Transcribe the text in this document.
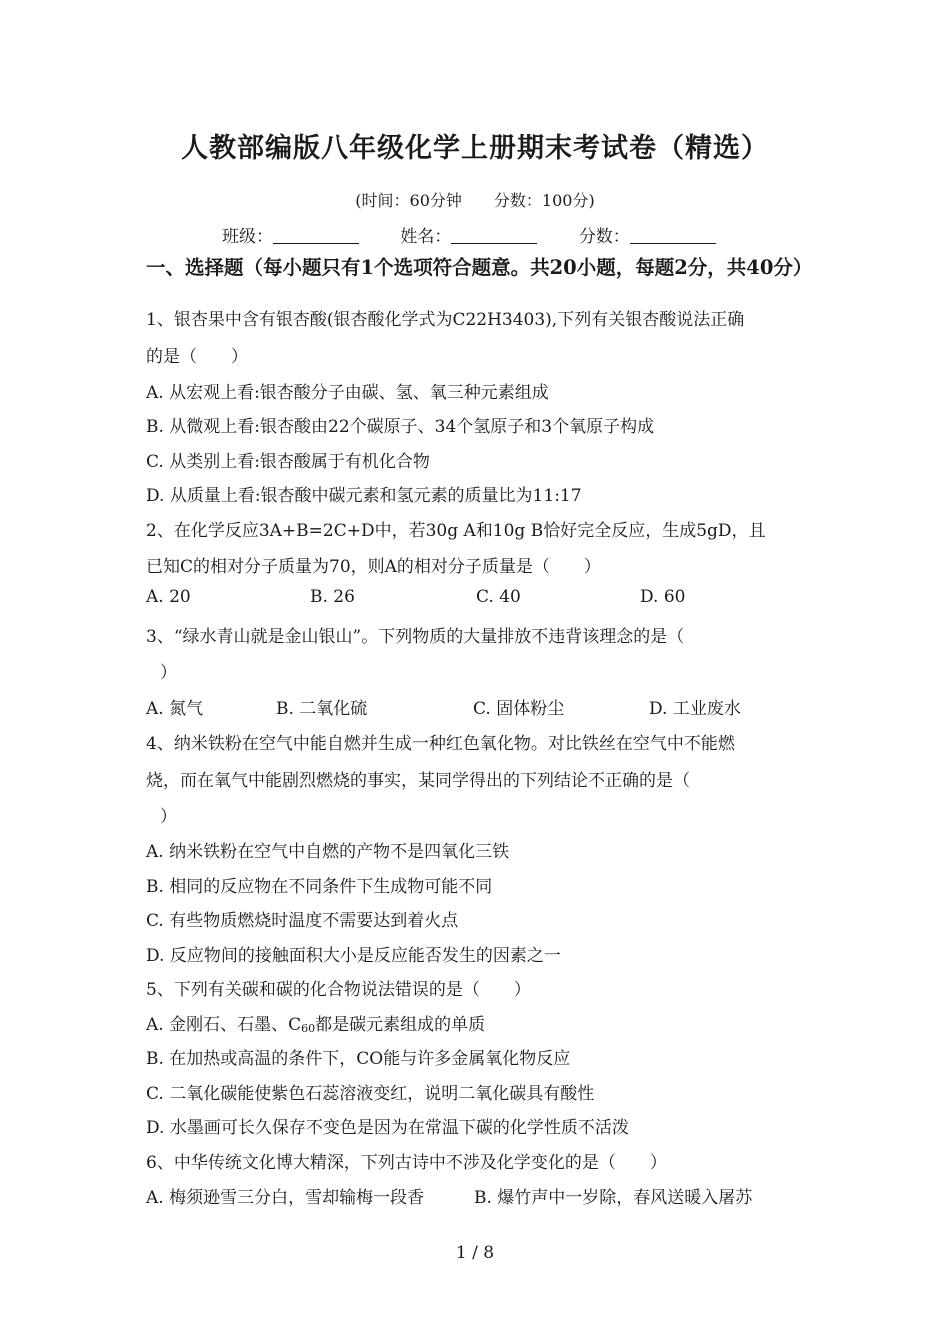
人教部编版八年级化学上册期末考试卷（精选）
(时间：60分钟 分数：100分)
班级：	姓名：	分数：
一、选择题（每小题只有1个选项符合题意。共20小题，每题2分，共40分）
1、银杏果中含有银杏酸(银杏酸化学式为C22H3403),下列有关银杏酸说法正确
的是（　　）
A. 从宏观上看:银杏酸分子由碳、氢、氧三种元素组成
B. 从微观上看:银杏酸由22个碳原子、34个氢原子和3个氧原子构成
C. 从类别上看:银杏酸属于有机化合物
D. 从质量上看:银杏酸中碳元素和氢元素的质量比为11:17
2、在化学反应3A+B=2C+D中，若30g A和10g B恰好完全反应，生成5gD，且
已知C的相对分子质量为70，则A的相对分子质量是（　　）
A. 20	B. 26	C. 40	D. 60
3、“绿水青山就是金山银山”。下列物质的大量排放不违背该理念的是（
）
A. 氮气	B. 二氧化硫	C. 固体粉尘	D. 工业废水
4、纳米铁粉在空气中能自燃并生成一种红色氧化物。对比铁丝在空气中不能燃
烧，而在氧气中能剧烈燃烧的事实，某同学得出的下列结论不正确的是（
）
A. 纳米铁粉在空气中自燃的产物不是四氧化三铁
B. 相同的反应物在不同条件下生成物可能不同
C. 有些物质燃烧时温度不需要达到着火点
D. 反应物间的接触面积大小是反应能否发生的因素之一
5、下列有关碳和碳的化合物说法错误的是（　　）
A. 金刚石、石墨、$C_{60}$都是碳元素组成的单质
B. 在加热或高温的条件下，CO能与许多金属氧化物反应
C. 二氧化碳能使紫色石蕊溶液变红，说明二氧化碳具有酸性
D. 水墨画可长久保存不变色是因为在常温下碳的化学性质不活泼
6、中华传统文化博大精深，下列古诗中不涉及化学变化的是（　　）
A. 梅须逊雪三分白，雪却输梅一段香	B. 爆竹声中一岁除，春风送暖入屠苏
1 / 8
